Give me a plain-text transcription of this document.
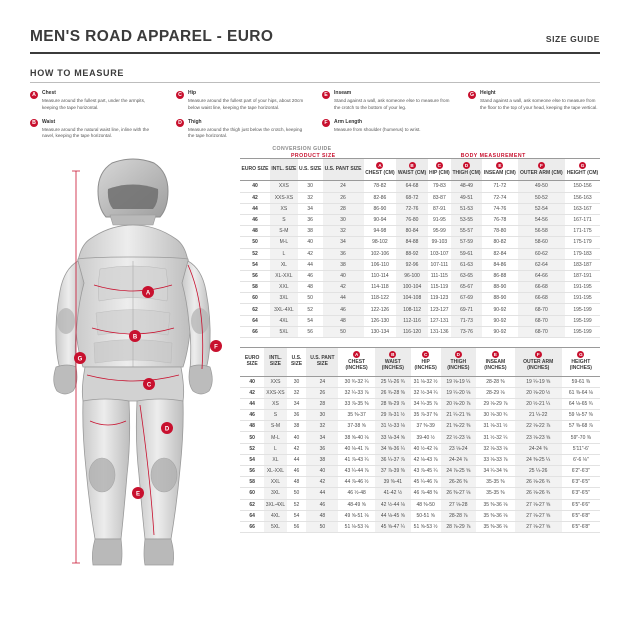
MEN'S ROAD APPAREL - EURO	SIZE GUIDE
HOW TO MEASURE
A	Chest
Measure around the fullest part, under the armpits, keeping the tape horizontal.
B	Waist
Measure around the natural waist line, inline with the navel, keeping the tape horizontal.
C	Hip
Measure around the fullest part of your hips, about 20cm below waist line, keeping the tape horizontal.
D	Thigh
Measure around the thigh just below the crotch, keeping the tape horizontal.
E	Inseam
Stand against a wall, ask someone else to measure from the crotch to the bottom of your leg.
F	Arm Length
Measure from shoulder (humerus) to wrist.
G	Height
Stand against a wall, ask someone else to measure from the floor to the top of your head, keeping the tape vertical.
A
B
C
D
E
F
G
PRODUCT SIZE	BODY MEASUREMENT

CONVERSION GUIDE
EURO SIZE	INTL. SIZE	U.S. SIZE	U.S. PANT SIZE	A
CHEST (CM)	B
WAIST (CM)	C
HIP (CM)	D
THIGH (CM)	E
INSEAM (CM)	F
OUTER ARM (CM)	G
HEIGHT (CM)
40	XXS	30	24	78-82	64-68	79-83	48-49	71-72	49-50	150-156
42	XXS-XS	32	26	82-86	68-72	83-87	49-51	72-74	50-52	156-163
44	XS	34	28	86-90	72-76	87-91	51-53	74-76	52-54	163-167
46	S	36	30	90-94	76-80	91-95	53-55	76-78	54-56	167-171
48	S-M	38	32	94-98	80-84	95-99	55-57	78-80	56-58	171-175
50	M-L	40	34	98-102	84-88	99-103	57-59	80-82	58-60	175-179
52	L	42	36	102-106	88-92	103-107	59-61	82-84	60-62	179-183
54	XL	44	38	106-110	92-96	107-111	61-63	84-86	62-64	183-187
56	XL-XXL	46	40	110-114	96-100	111-115	63-65	86-88	64-66	187-191
58	XXL	48	42	114-118	100-104	115-119	65-67	88-90	66-68	191-195
60	3XL	50	44	118-122	104-108	119-123	67-69	88-90	66-68	191-195
62	3XL-4XL	52	46	122-126	108-112	123-127	69-71	90-92	68-70	195-199
64	4XL	54	48	126-130	112-116	127-131	71-73	90-92	68-70	195-199
66	5XL	56	50	130-134	116-120	131-136	73-76	90-92	68-70	195-199
EURO SIZE	INTL. SIZE	U.S. SIZE	U.S. PANT SIZE	A
CHEST (INCHES)	B
WAIST (INCHES)	C
HIP (INCHES)	D
THIGH (INCHES)	E
INSEAM (INCHES)	F
OUTER ARM (INCHES)	G
HEIGHT (INCHES)
40	XXS	30	24	30 ¾-32 ¼	25 ¼-26 ¾	31 ⅛-32 ½	19 ⅛-19 ¼	28-28 ⅜	19 ¼-19 ⅝	59-61 ⅜
42	XXS-XS	32	26	32 ¼-33 ⅞	26 ¾-28 ⅜	32 ½-34 ¼	19 ¼-20 ⅛	28-29 ⅛	20 ⅛-20 ½	61 ⅜-64 ⅛
44	XS	34	28	33 ⅞-35 ⅜	28 ⅜-29 ⅞	34 ¼-35 ⅞	20 ⅛-20 ⅞	29 ⅛-29 ⅞	20 ½-21 ¼	64 ⅛-65 ¾
46	S	36	30	35 ⅜-37	29 ⅞-31 ½	35 ⅞-37 ⅜	21 ¼-21 ⅝	30 ⅛-30 ¾	21 ¼-22	59 ⅛-57 ⅜
48	S-M	38	32	37-38 ⅝	31 ½-33 ⅛	37 ⅜-39	21 ⅝-22 ⅜	31 ⅛-31 ½	22 ⅛-22 ⅞	57 ⅜-68 ⅞
50	M-L	40	34	38 ⅝-40 ⅛	33 ⅛-34 ⅝	39-40 ½	22 ½-23 ⅛	31 ½-32 ¼	23 ⅛-23 ⅝	59"-70 ⅜
52	L	42	36	40 ⅛-41 ⅞	34 ⅝-36 ¼	40 ½-42 ⅛	23 ⅛-24	32 ⅛-33 ⅛	24-24 ⅜	5'11"-6'
54	XL	44	38	41 ⅞-43 ¼	36 ¼-37 ⅞	42 ⅛-43 ⅞	24-24 ⅞	33 ⅛-33 ⅞	24 ⅜-25 ¼	6'-6 ⅛"
56	XL-XXL	46	40	43 ¼-44 ⅞	37 ⅞-39 ⅜	43 ⅞-45 ¼	24 ⅞-25 ⅝	34 ¼-34 ⅝	25 ¼-26	6'2"-6'3"
58	XXL	48	42	44 ⅞-46 ½	39 ⅜-41	45 ¼-46 ⅞	26-26 ⅜	35-35 ⅜	26 ⅛-26 ¾	6'3"-6'5"
60	3XL	50	44	46 ½-48	41-42 ½	46 ⅞-48 ⅜	26 ⅜-27 ⅛	35-35 ⅜	26 ⅛-26 ¾	6'3"-6'5"
62	3XL-4XL	52	46	48-49 ⅝	42 ½-44 ⅛	48 ⅜-50	27 ⅛-28	35 ⅜-36 ⅛	27 ⅛-27 ⅝	6'5"-6'6"
64	4XL	54	48	49 ⅝-51 ⅛	44 ⅛-45 ⅝	50-51 ⅝	28-28 ⅞	35 ⅜-36 ⅛	27 ⅛-27 ⅝	6'5"-6'8"
66	5XL	56	50	51 ⅛-53 ⅛	45 ⅝-47 ¼	51 ⅝-53 ½	28 ⅞-29 ⅞	35 ⅜-36 ⅛	27 ⅛-27 ⅝	6'5"-6'8"
